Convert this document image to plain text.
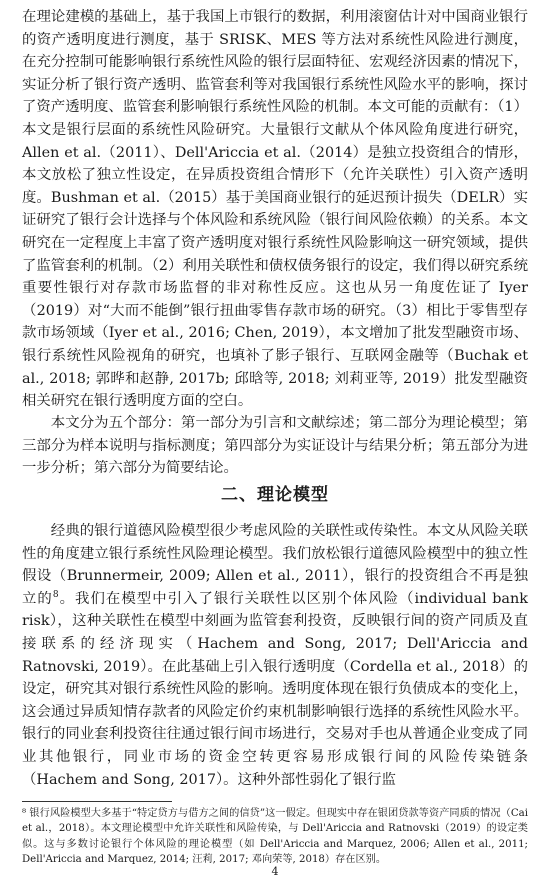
在理论建模的基础上，基于我国上市银行的数据，利用滚窗估计对中国商业银行的资产透明度进行测度，基于 SRISK、MES 等方法对系统性风险进行测度，在充分控制可能影响银行系统性风险的银行层面特征、宏观经济因素的情况下，实证分析了银行资产透明、监管套利等对我国银行系统性风险水平的影响，探讨了资产透明度、监管套利影响银行系统性风险的机制。本文可能的贡献有：（1）本文是银行层面的系统性风险研究。大量银行文献从个体风险角度进行研究，Allen et al.（2011）、Dell'Ariccia et al.（2014）是独立投资组合的情形，本文放松了独立性设定，在异质投资组合情形下（允许关联性）引入资产透明度。Bushman et al.（2015）基于美国商业银行的延迟预计损失（DELR）实证研究了银行会计选择与个体风险和系统风险（银行间风险依赖）的关系。本文研究在一定程度上丰富了资产透明度对银行系统性风险影响这一研究领域，提供了监管套利的机制。（2）利用关联性和债权债务银行的设定，我们得以研究系统重要性银行对存款市场监督的非对称性反应。这也从另一角度佐证了 Iyer（2019）对“大而不能倒”银行扭曲零售存款市场的研究。（3）相比于零售型存款市场领域（Iyer et al., 2016; Chen, 2019），本文增加了批发型融资市场、银行系统性风险视角的研究，也填补了影子银行、互联网金融等（Buchak et al., 2018; 郭晔和赵静, 2017b; 邱晗等, 2018; 刘莉亚等, 2019）批发型融资相关研究在银行透明度方面的空白。

本文分为五个部分：第一部分为引言和文献综述；第二部分为理论模型；第三部分为样本说明与指标测度；第四部分为实证设计与结果分析；第五部分为进一步分析；第六部分为简要结论。

二、理论模型

经典的银行道德风险模型很少考虑风险的关联性或传染性。本文从风险关联性的角度建立银行系统性风险理论模型。我们放松银行道德风险模型中的独立性假设（Brunnermeir, 2009; Allen et al., 2011），银行的投资组合不再是独立的$^8$。我们在模型中引入了银行关联性以区别个体风险（individual bank risk），这种关联性在模型中刻画为监管套利投资，反映银行间的资产同质及直接联系的经济现实（Hachem and Song, 2017; Dell'Ariccia and Ratnovski, 2019）。在此基础上引入银行透明度（Cordella et al., 2018）的设定，研究其对银行系统性风险的影响。透明度体现在银行负债成本的变化上，这会通过异质知情存款者的风险定价约束机制影响银行选择的系统性风险水平。银行的同业套利投资往往通过银行间市场进行，交易对手也从普通企业变成了同业其他银行，同业市场的资金空转更容易形成银行间的风险传染链条（Hachem and Song, 2017）。这种外部性弱化了银行监

⁸ 银行风险模型大多基于“特定贷方与借方之间的信贷”这一假定。但现实中存在银团贷款等资产同质的情况（Cai et al.，2018）。本文理论模型中允许关联性和风险传染，与 Dell'Ariccia and Ratnovski（2019）的设定类似。这与多数讨论银行个体风险的理论模型（如 Dell'Ariccia and Marquez, 2006; Allen et al., 2011; Dell'Ariccia and Marquez, 2014; 汪莉, 2017; 邓向荣等, 2018）存在区别。

4
